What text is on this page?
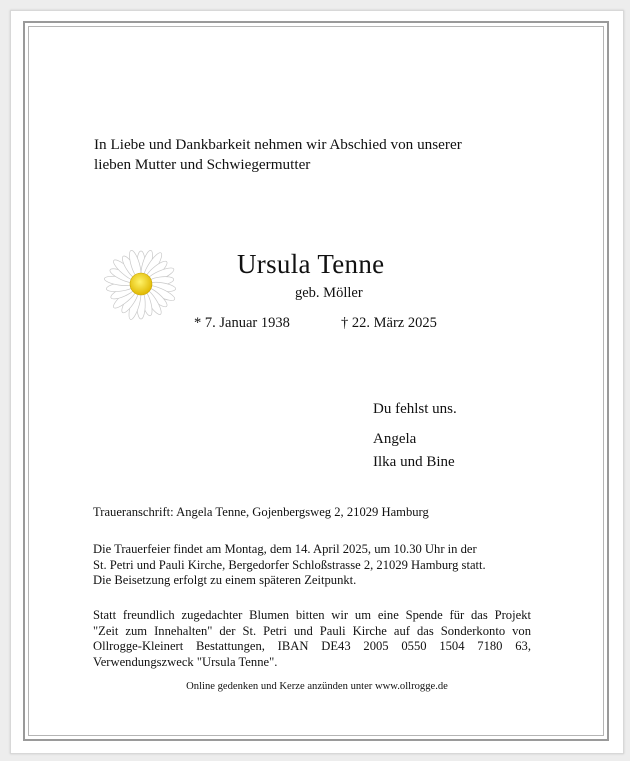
In Liebe und Dankbarkeit nehmen wir Abschied von unserer
lieben Mutter und Schwiegermutter
Ursula Tenne
geb. Möller
* 7. Januar 1938	† 22. März 2025
Du fehlst uns.
Angela
Ilka und Bine
Traueranschrift: Angela Tenne, Gojenbergsweg 2, 21029 Hamburg
Die Trauerfeier findet am Montag, dem 14. April 2025, um 10.30 Uhr in der
St. Petri und Pauli Kirche, Bergedorfer Schloßstrasse 2, 21029 Hamburg statt.
Die Beisetzung erfolgt zu einem späteren Zeitpunkt.
Statt freundlich zugedachter Blumen bitten wir um eine Spende für das Projekt
"Zeit zum Innehalten" der St. Petri und Pauli Kirche auf das Sonderkonto von
Ollrogge-Kleinert Bestattungen, IBAN DE43 2005 0550 1504 7180 63,
Verwendungszweck "Ursula Tenne".
Online gedenken und Kerze anzünden unter www.ollrogge.de
